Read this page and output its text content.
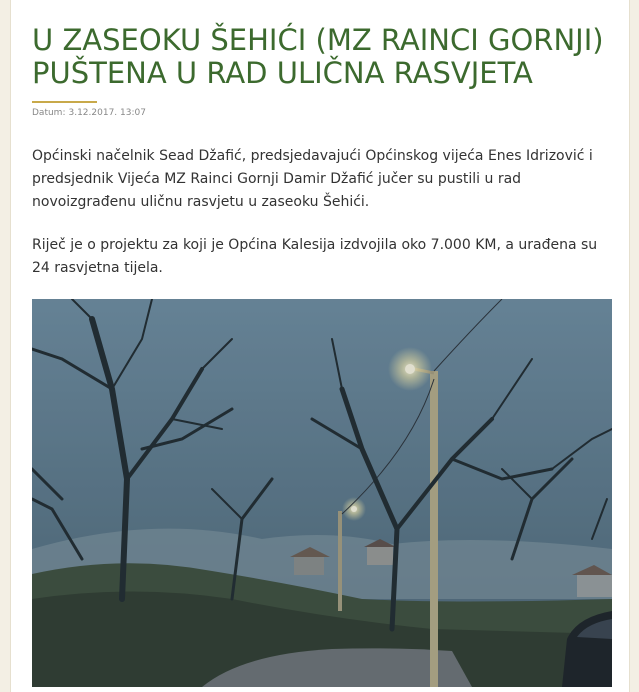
U ZASEOKU ŠEHIĆI (MZ RAINCI GORNJI) PUŠTENA U RAD ULIČNA RASVJETA
Datum: 3.12.2017. 13:07

Općinski načelnik Sead Džafić, predsjedavajući Općinskog vijeća Enes Idrizović i predsjednik Vijeća MZ Rainci Gornji Damir Džafić jučer su pustili u rad novoizgrađenu uličnu rasvjetu u zaseoku Šehići.

Riječ je o projektu za koji je Općina Kalesija izdvojila oko 7.000 KM, a urađena su 24 rasvjetna tijela.
